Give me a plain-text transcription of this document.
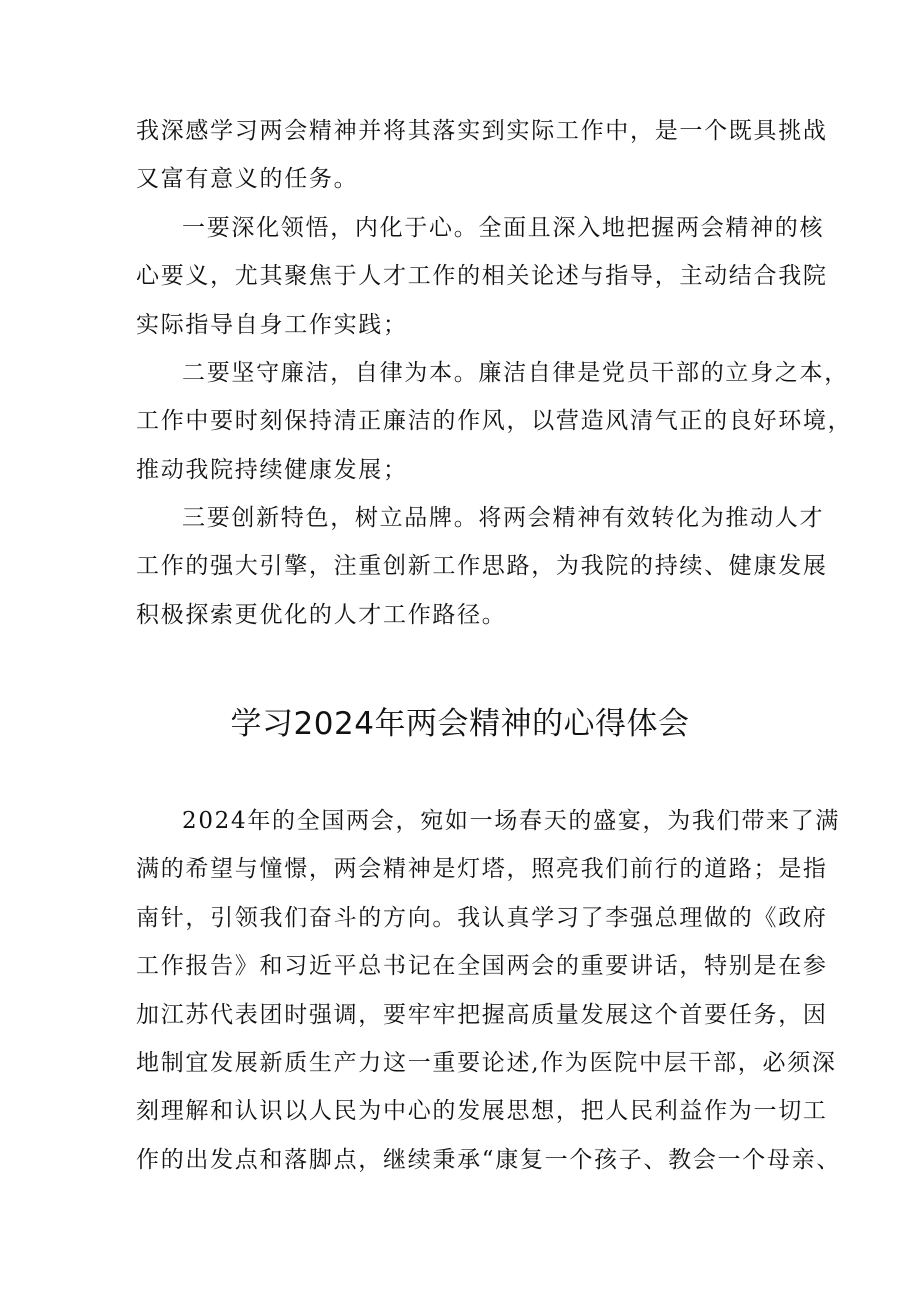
我深感学习两会精神并将其落实到实际工作中，是一个既具挑战
又富有意义的任务。
一要深化领悟，内化于心。全面且深入地把握两会精神的核
心要义，尤其聚焦于人才工作的相关论述与指导，主动结合我院
实际指导自身工作实践；
二要坚守廉洁，自律为本。廉洁自律是党员干部的立身之本，
工作中要时刻保持清正廉洁的作风，以营造风清气正的良好环境，
推动我院持续健康发展；
三要创新特色，树立品牌。将两会精神有效转化为推动人才
工作的强大引擎，注重创新工作思路，为我院的持续、健康发展
积极探索更优化的人才工作路径。
学习2024年两会精神的心得体会
2024年的全国两会，宛如一场春天的盛宴，为我们带来了满
满的希望与憧憬，两会精神是灯塔，照亮我们前行的道路；是指
南针，引领我们奋斗的方向。我认真学习了李强总理做的《政府
工作报告》和习近平总书记在全国两会的重要讲话，特别是在参
加江苏代表团时强调，要牢牢把握高质量发展这个首要任务，因
地制宜发展新质生产力这一重要论述,作为医院中层干部，必须深
刻理解和认识以人民为中心的发展思想，把人民利益作为一切工
作的出发点和落脚点，继续秉承“康复一个孩子、教会一个母亲、
